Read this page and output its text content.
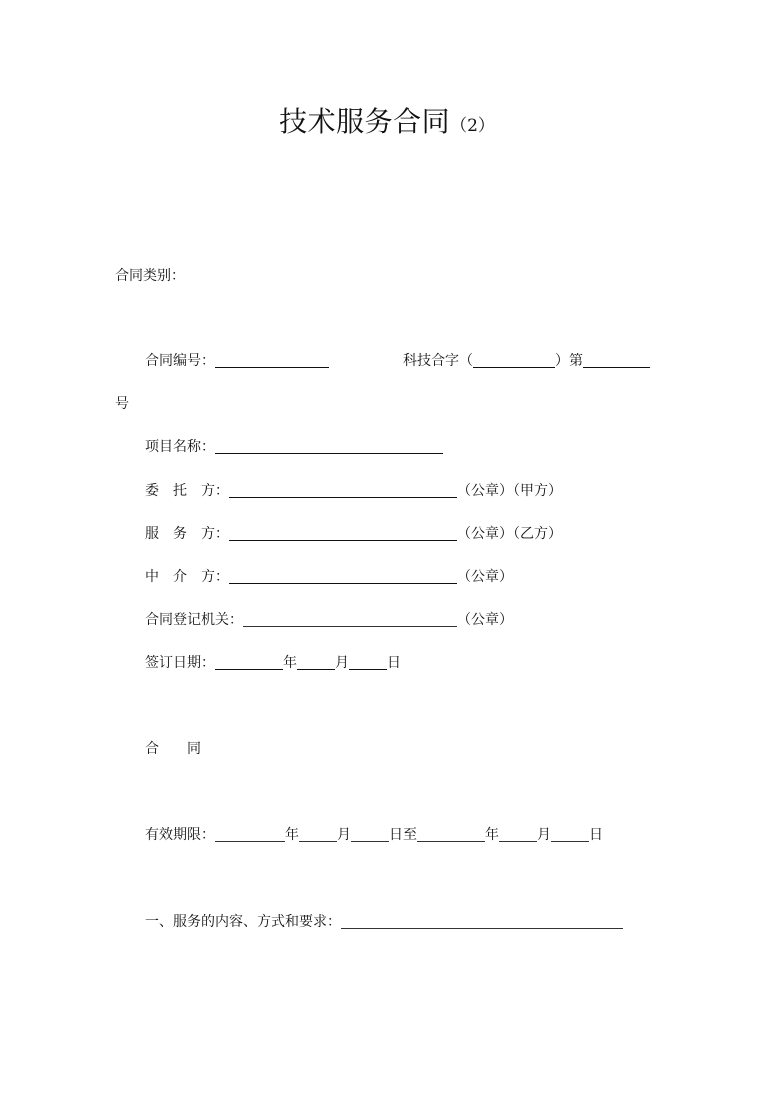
技术服务合同（2）
合同类别：
合同编号：	科技合字（	）第
号
项目名称：
委　托　方：	（公章）（甲方）
服　务　方：	（公章）（乙方）
中　介　方：	（公章）
合同登记机关：	（公章）
签订日期：	年	月	日
合　　同
有效期限：	年	月	日至	年	月	日
一、服务的内容、方式和要求：
